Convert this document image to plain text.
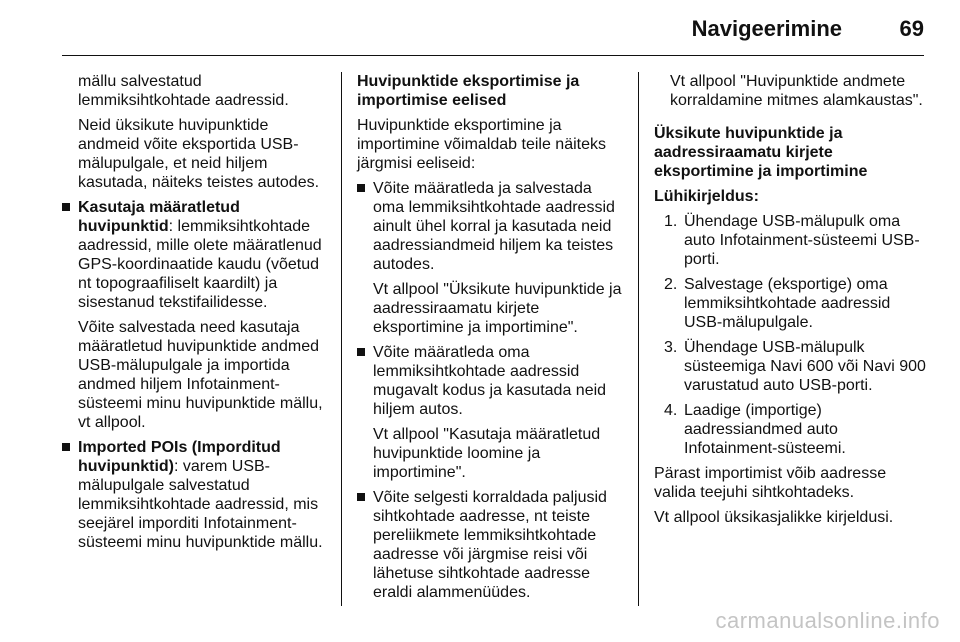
Navigeerimine	69

mällu salvestatud lemmiksihtkohtade aadressid.

Neid üksikute huvipunktide andmeid võite eksportida USB-mälupulgale, et neid hiljem kasutada, näiteks teistes autodes.

Kasutaja määratletud huvipunktid: lemmiksihtkohtade aadressid, mille olete määratlenud GPS-koordinaatide kaudu (võetud nt topograafiliselt kaardilt) ja sisestanud tekstifailidesse.

Võite salvestada need kasutaja määratletud huvipunktide andmed USB-mälupulgale ja importida andmed hiljem Infotainment-süsteemi minu huvipunktide mällu, vt allpool.

Imported POIs (Imporditud huvipunktid): varem USB-mälupulgale salvestatud lemmiksihtkohtade aadressid, mis seejärel imporditi Infotainment-süsteemi minu huvipunktide mällu.

Huvipunktide eksportimise ja importimise eelised

Huvipunktide eksportimine ja importimine võimaldab teile näiteks järgmisi eeliseid:

Võite määratleda ja salvestada oma lemmiksihtkohtade aadressid ainult ühel korral ja kasutada neid aadressiandmeid hiljem ka teistes autodes.

Vt allpool "Üksikute huvipunktide ja aadressiraamatu kirjete eksportimine ja importimine".

Võite määratleda oma lemmiksihtkohtade aadressid mugavalt kodus ja kasutada neid hiljem autos.

Vt allpool "Kasutaja määratletud huvipunktide loomine ja importimine".

Võite selgesti korraldada paljusid sihtkohtade aadresse, nt teiste pereliikmete lemmiksihtkohtade aadresse või järgmise reisi või lähetuse sihtkohtade aadresse eraldi alammenüüdes.

Vt allpool "Huvipunktide andmete korraldamine mitmes alamkaustas".

Üksikute huvipunktide ja aadressiraamatu kirjete eksportimine ja importimine

Lühikirjeldus:

1. Ühendage USB-mälupulk oma auto Infotainment-süsteemi USB-porti.
2. Salvestage (eksportige) oma lemmiksihtkohtade aadressid USB-mälupulgale.
3. Ühendage USB-mälupulk süsteemiga Navi 600 või Navi 900 varustatud auto USB-porti.
4. Laadige (importige) aadressiandmed auto Infotainment-süsteemi.

Pärast importimist võib aadresse valida teejuhi sihtkohtadeks.

Vt allpool üksikasjalikke kirjeldusi.

carmanualsonline.info
